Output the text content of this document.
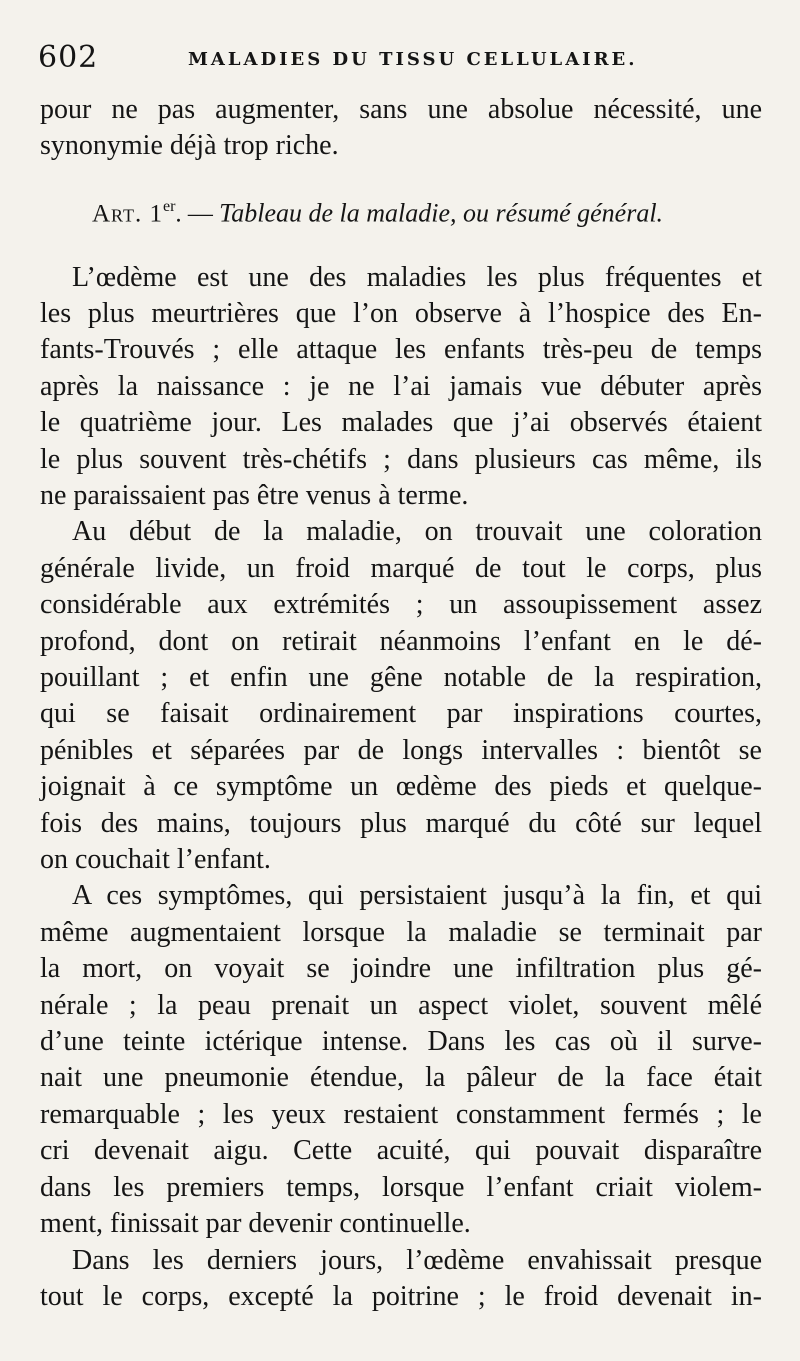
602	MALADIES DU TISSU CELLULAIRE.
pour ne pas augmenter, sans une absolue nécessité, une
synonymie déjà trop riche.
Art. 1er. — Tableau de la maladie, ou résumé général.
L’œdème est une des maladies les plus fréquentes et
les plus meurtrières que l’on observe à l’hospice des En-
fants-Trouvés ; elle attaque les enfants très-peu de temps
après la naissance : je ne l’ai jamais vue débuter après
le quatrième jour. Les malades que j’ai observés étaient
le plus souvent très-chétifs ; dans plusieurs cas même, ils
ne paraissaient pas être venus à terme.
Au début de la maladie, on trouvait une coloration
générale livide, un froid marqué de tout le corps, plus
considérable aux extrémités ; un assoupissement assez
profond, dont on retirait néanmoins l’enfant en le dé-
pouillant ; et enfin une gêne notable de la respiration,
qui se faisait ordinairement par inspirations courtes,
pénibles et séparées par de longs intervalles : bientôt se
joignait à ce symptôme un œdème des pieds et quelque-
fois des mains, toujours plus marqué du côté sur lequel
on couchait l’enfant.
A ces symptômes, qui persistaient jusqu’à la fin, et qui
même augmentaient lorsque la maladie se terminait par
la mort, on voyait se joindre une infiltration plus gé-
nérale ; la peau prenait un aspect violet, souvent mêlé
d’une teinte ictérique intense. Dans les cas où il surve-
nait une pneumonie étendue, la pâleur de la face était
remarquable ; les yeux restaient constamment fermés ; le
cri devenait aigu. Cette acuité, qui pouvait disparaître
dans les premiers temps, lorsque l’enfant criait violem-
ment, finissait par devenir continuelle.
Dans les derniers jours, l’œdème envahissait presque
tout le corps, excepté la poitrine ; le froid devenait in-
